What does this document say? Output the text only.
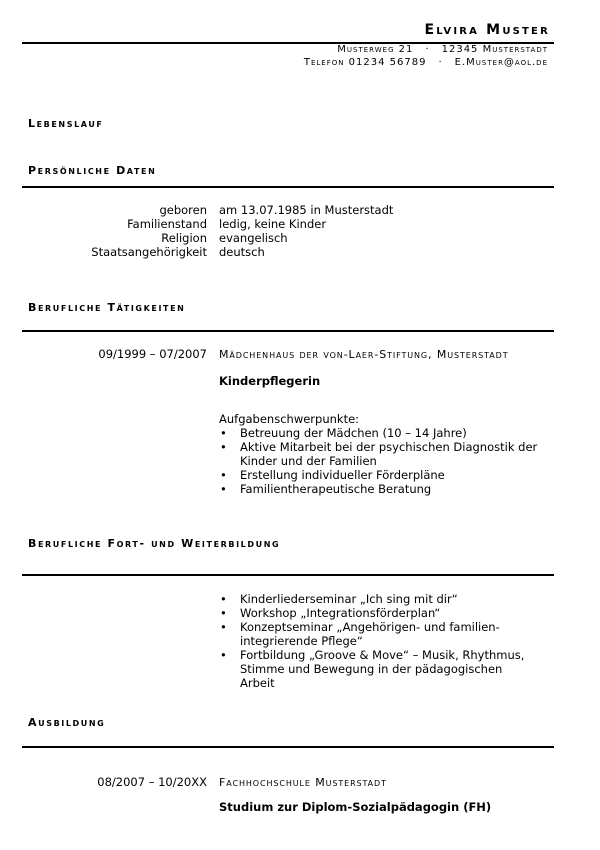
Elvira Muster
Musterweg 21 · 12345 Musterstadt
Telefon 01234 56789 · E.Muster@aol.de
Lebenslauf
Persönliche Daten
geboren am 13.07.1985 in Musterstadt
Familienstand ledig, keine Kinder
Religion evangelisch
Staatsangehörigkeit deutsch
Berufliche Tätigkeiten
09/1999 – 07/2007 Mädchenhaus der von-Laer-Stiftung, Musterstadt
Kinderpflegerin
Aufgabenschwerpunkte:
• Betreuung der Mädchen (10 – 14 Jahre)
• Aktive Mitarbeit bei der psychischen Diagnostik der Kinder und der Familien
• Erstellung individueller Förderpläne
• Familientherapeutische Beratung
Berufliche Fort- und Weiterbildung
• Kinderliederseminar „Ich sing mit dir“
• Workshop „Integrationsförderplan“
• Konzeptseminar „Angehörigen- und familien-integrierende Pflege“
• Fortbildung „Groove & Move“ – Musik, Rhythmus, Stimme und Bewegung in der pädagogischen Arbeit
Ausbildung
08/2007 – 10/20XX Fachhochschule Musterstadt
Studium zur Diplom-Sozialpädagogin (FH)
